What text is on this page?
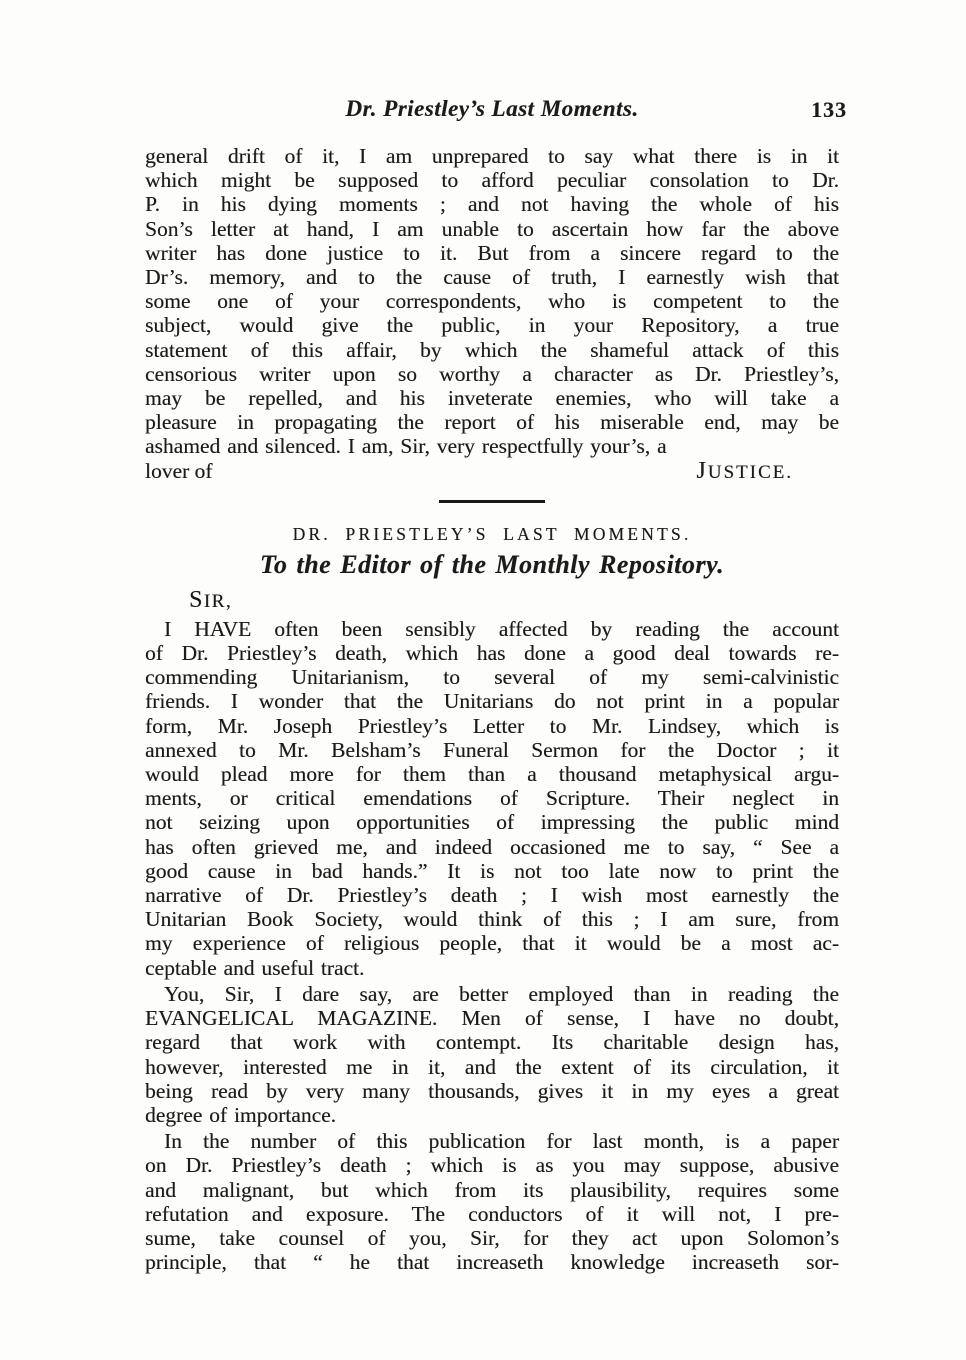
Dr. Priestley’s Last Moments.	133
general drift of it, I am unprepared to say what there is in it
which might be supposed to afford peculiar consolation to Dr.
P. in his dying moments ; and not having the whole of his
Son’s letter at hand, I am unable to ascertain how far the above
writer has done justice to it. But from a sincere regard to the
Dr’s. memory, and to the cause of truth, I earnestly wish that
some one of your correspondents, who is competent to the
subject, would give the public, in your Repository, a true
statement of this affair, by which the shameful attack of this
censorious writer upon so worthy a character as Dr. Priestley’s,
may be repelled, and his inveterate enemies, who will take a
pleasure in propagating the report of his miserable end, may be
ashamed and silenced. I am, Sir, very respectfully your’s, a
lover of	JUSTICE.
DR. PRIESTLEY’S LAST MOMENTS.
To the Editor of the Monthly Repository.
SIR,
I HAVE often been sensibly affected by reading the account
of Dr. Priestley’s death, which has done a good deal towards re-
commending Unitarianism, to several of my semi-calvinistic
friends. I wonder that the Unitarians do not print in a popular
form, Mr. Joseph Priestley’s Letter to Mr. Lindsey, which is
annexed to Mr. Belsham’s Funeral Sermon for the Doctor ; it
would plead more for them than a thousand metaphysical argu-
ments, or critical emendations of Scripture. Their neglect in
not seizing upon opportunities of impressing the public mind
has often grieved me, and indeed occasioned me to say, “ See a
good cause in bad hands.” It is not too late now to print the
narrative of Dr. Priestley’s death ; I wish most earnestly the
Unitarian Book Society, would think of this ; I am sure, from
my experience of religious people, that it would be a most ac-
ceptable and useful tract.
You, Sir, I dare say, are better employed than in reading the
EVANGELICAL MAGAZINE. Men of sense, I have no doubt,
regard that work with contempt. Its charitable design has,
however, interested me in it, and the extent of its circulation, it
being read by very many thousands, gives it in my eyes a great
degree of importance.
In the number of this publication for last month, is a paper
on Dr. Priestley’s death ; which is as you may suppose, abusive
and malignant, but which from its plausibility, requires some
refutation and exposure. The conductors of it will not, I pre-
sume, take counsel of you, Sir, for they act upon Solomon’s
principle, that “ he that increaseth knowledge increaseth sor-
